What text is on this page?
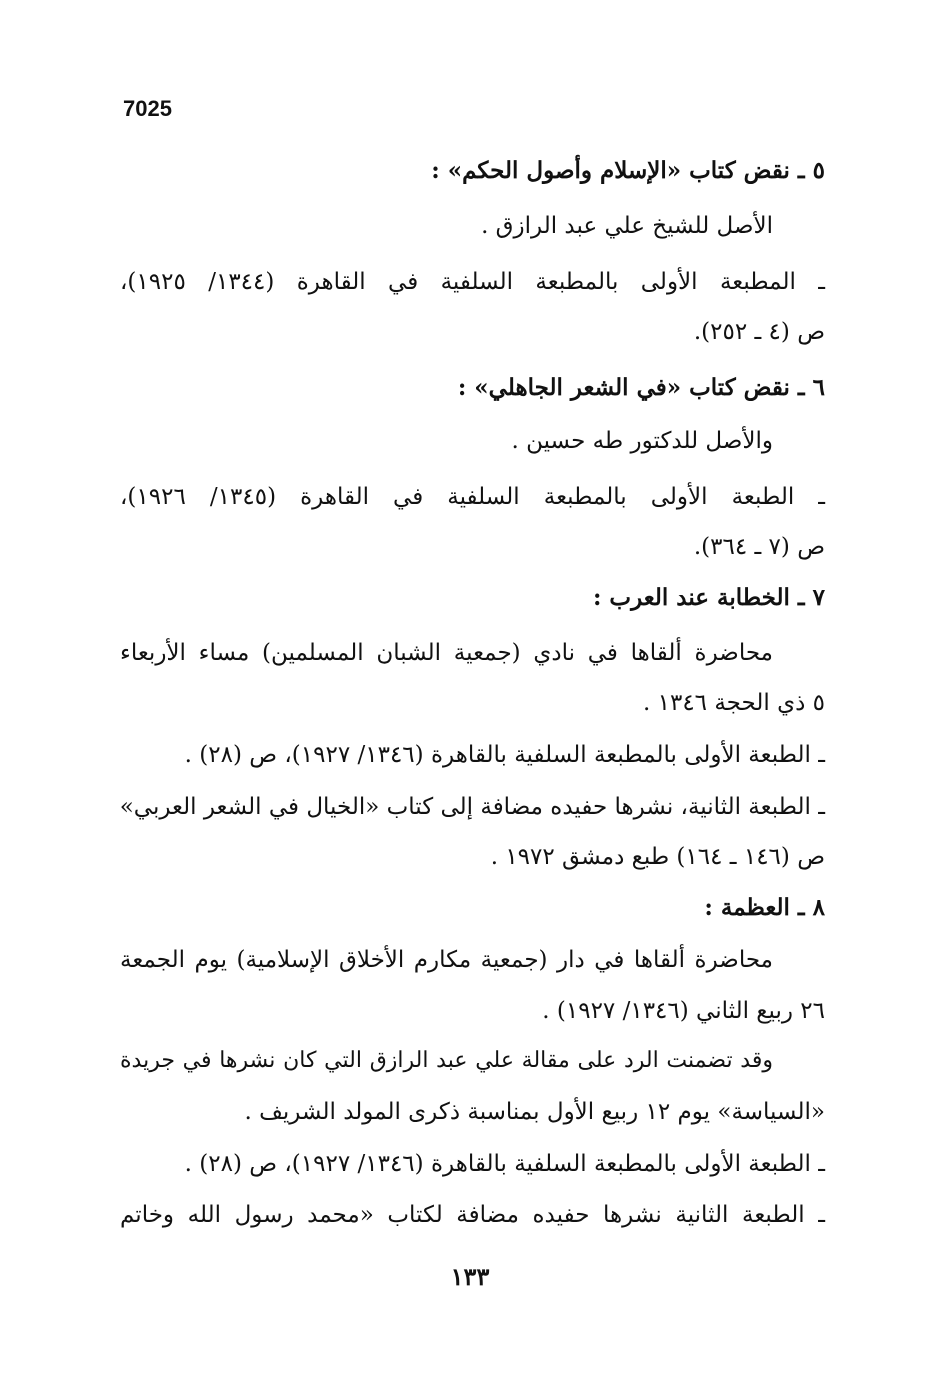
7025
٥ ـ نقض كتاب «الإسلام وأصول الحكم» :
الأصل للشيخ علي عبد الرازق .
ـ المطبعة الأولى بالمطبعة السلفية في القاهرة (١٣٤٤/ ١٩٢٥)،
ص (٤ ـ ٢٥٢).
٦ ـ نقض كتاب «في الشعر الجاهلي» :
والأصل للدكتور طه حسين .
ـ الطبعة الأولى بالمطبعة السلفية في القاهرة (١٣٤٥/ ١٩٢٦)،
ص (٧ ـ ٣٦٤).
٧ ـ الخطابة عند العرب :
محاضرة ألقاها في نادي (جمعية الشبان المسلمين) مساء الأربعاء
٥ ذي الحجة ١٣٤٦ .
ـ الطبعة الأولى بالمطبعة السلفية بالقاهرة (١٣٤٦/ ١٩٢٧)، ص (٢٨) .
ـ الطبعة الثانية، نشرها حفيده مضافة إلى كتاب «الخيال في الشعر العربي»
ص (١٤٦ ـ ١٦٤) طبع دمشق ١٩٧٢ .
٨ ـ العظمة :
محاضرة ألقاها في دار (جمعية مكارم الأخلاق الإسلامية) يوم الجمعة
٢٦ ربيع الثاني (١٣٤٦/ ١٩٢٧) .
وقد تضمنت الرد على مقالة علي عبد الرازق التي كان نشرها في جريدة
«السياسة» يوم ١٢ ربيع الأول بمناسبة ذكرى المولد الشريف .
ـ الطبعة الأولى بالمطبعة السلفية بالقاهرة (١٣٤٦/ ١٩٢٧)، ص (٢٨) .
ـ الطبعة الثانية نشرها حفيده مضافة لكتاب «محمد رسول الله وخاتم
١٣٣
